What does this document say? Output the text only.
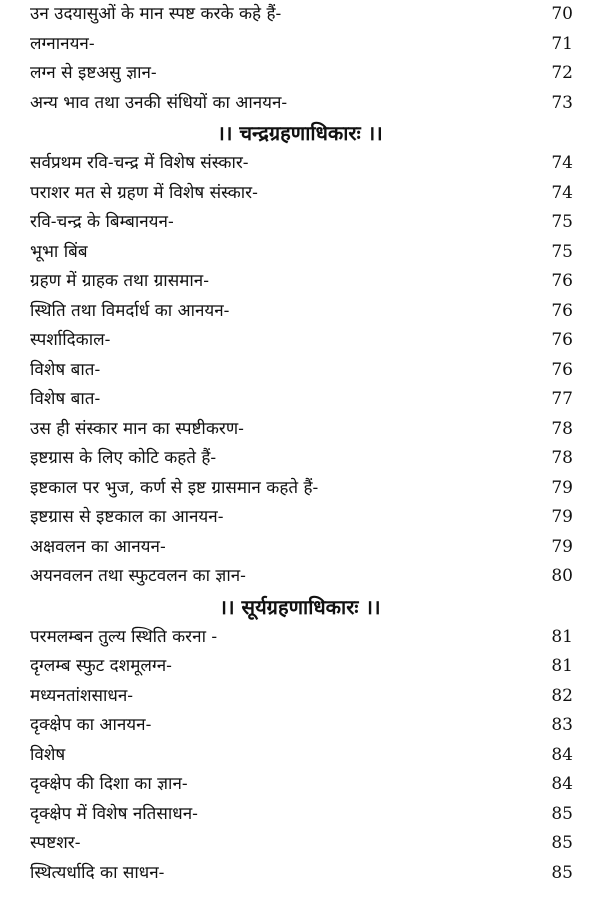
उन उदयासुओं के मान स्पष्ट करके कहे हैं-	70
लग्नानयन-	71
लग्न से इष्टअसु ज्ञान-	72
अन्य भाव तथा उनकी संधियों का आनयन-	73
।। चन्द्रग्रहणाधिकारः ।।
सर्वप्रथम रवि-चन्द्र में विशेष संस्कार-	74
पराशर मत से ग्रहण में विशेष संस्कार-	74
रवि-चन्द्र के बिम्बानयन-	75
भूभा बिंब	75
ग्रहण में ग्राहक तथा ग्रासमान-	76
स्थिति तथा विमर्दार्ध का आनयन-	76
स्पर्शादिकाल-	76
विशेष बात-	76
विशेष बात-	77
उस ही संस्कार मान का स्पष्टीकरण-	78
इष्टग्रास के लिए कोटि कहते हैं-	78
इष्टकाल पर भुज, कर्ण से इष्ट ग्रासमान कहते हैं-	79
इष्टग्रास से इष्टकाल का आनयन-	79
अक्षवलन का आनयन-	79
अयनवलन तथा स्फुटवलन का ज्ञान-	80
।। सूर्यग्रहणाधिकारः ।।
परमलम्बन तुल्य स्थिति करना -	81
दृग्लम्ब स्फुट दशमूलग्न-	81
मध्यनतांशसाधन-	82
दृक्क्षेप का आनयन-	83
विशेष	84
दृक्क्षेप की दिशा का ज्ञान-	84
दृक्क्षेप में विशेष नतिसाधन-	85
स्पष्टशर-	85
स्थित्यर्धादि का साधन-	85
